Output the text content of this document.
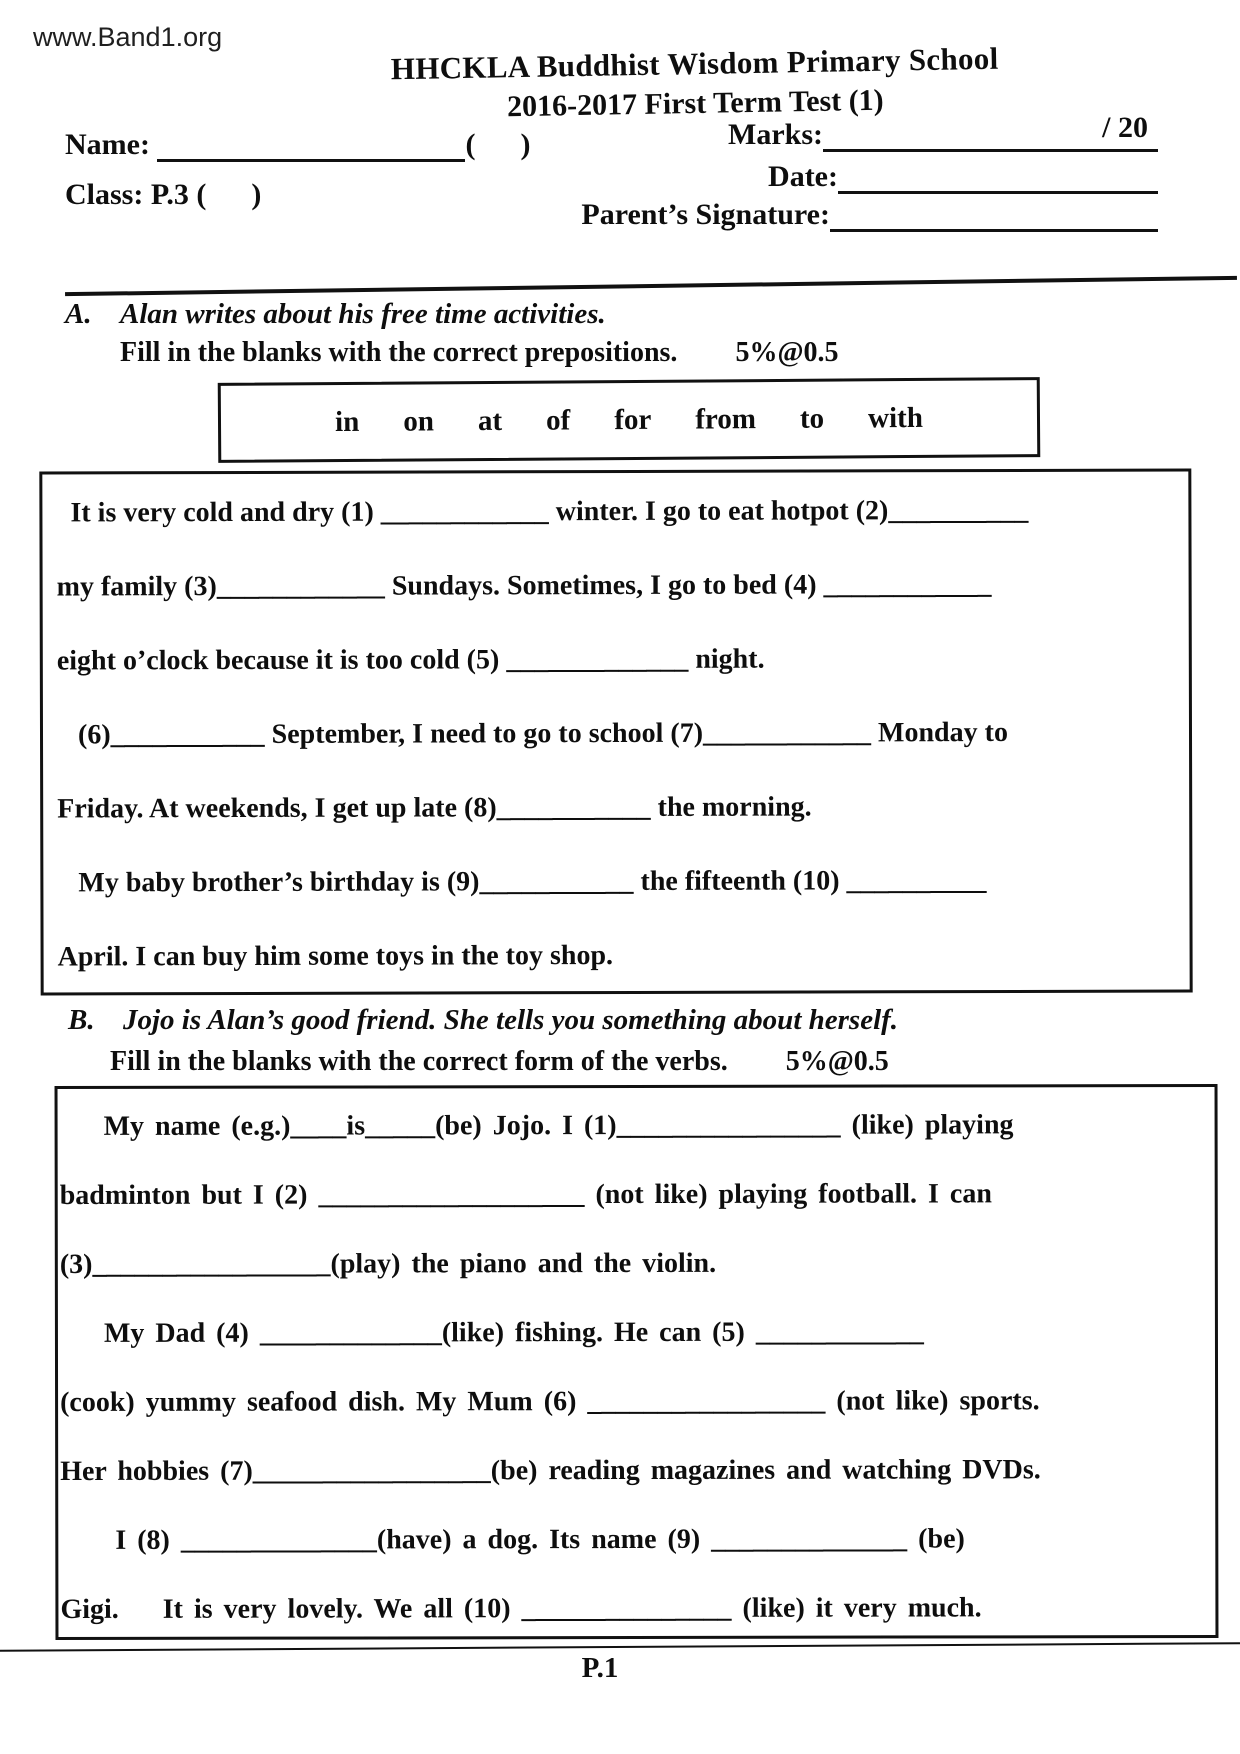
www.Band1.org
HHCKLA Buddhist Wisdom Primary School
2016-2017 First Term Test (1)
Name:	(      )
Class: P.3 (      )
Marks:	/ 20
Date:
Parent’s Signature:
A. Alan writes about his free time activities.
Fill in the blanks with the correct prepositions. 5%@0.5
in on at of for from to with
It is very cold and dry (1) ____________ winter. I go to eat hotpot (2)__________
my family (3)____________ Sundays. Sometimes, I go to bed (4) ____________
eight o’clock because it is too cold (5) _____________ night.
(6)___________ September, I need to go to school (7)____________ Monday to
Friday. At weekends, I get up late (8)___________ the morning.
My baby brother’s birthday is (9)___________ the fifteenth (10) __________
April. I can buy him some toys in the toy shop.
B. Jojo is Alan’s good friend. She tells you something about herself.
Fill in the blanks with the correct form of the verbs. 5%@0.5
My name (e.g.)____is_____(be) Jojo. I (1)________________ (like) playing
badminton but I (2) ___________________ (not like) playing football. I can
(3)_________________(play) the piano and the violin.
My Dad (4) _____________(like) fishing. He can (5) ____________
(cook) yummy seafood dish. My Mum (6) _________________ (not like) sports.
Her hobbies (7)_________________(be) reading magazines and watching DVDs.
I (8) ______________(have) a dog. Its name (9) ______________ (be)
Gigi.    It is very lovely. We all (10) _______________ (like) it very much.
P.1
